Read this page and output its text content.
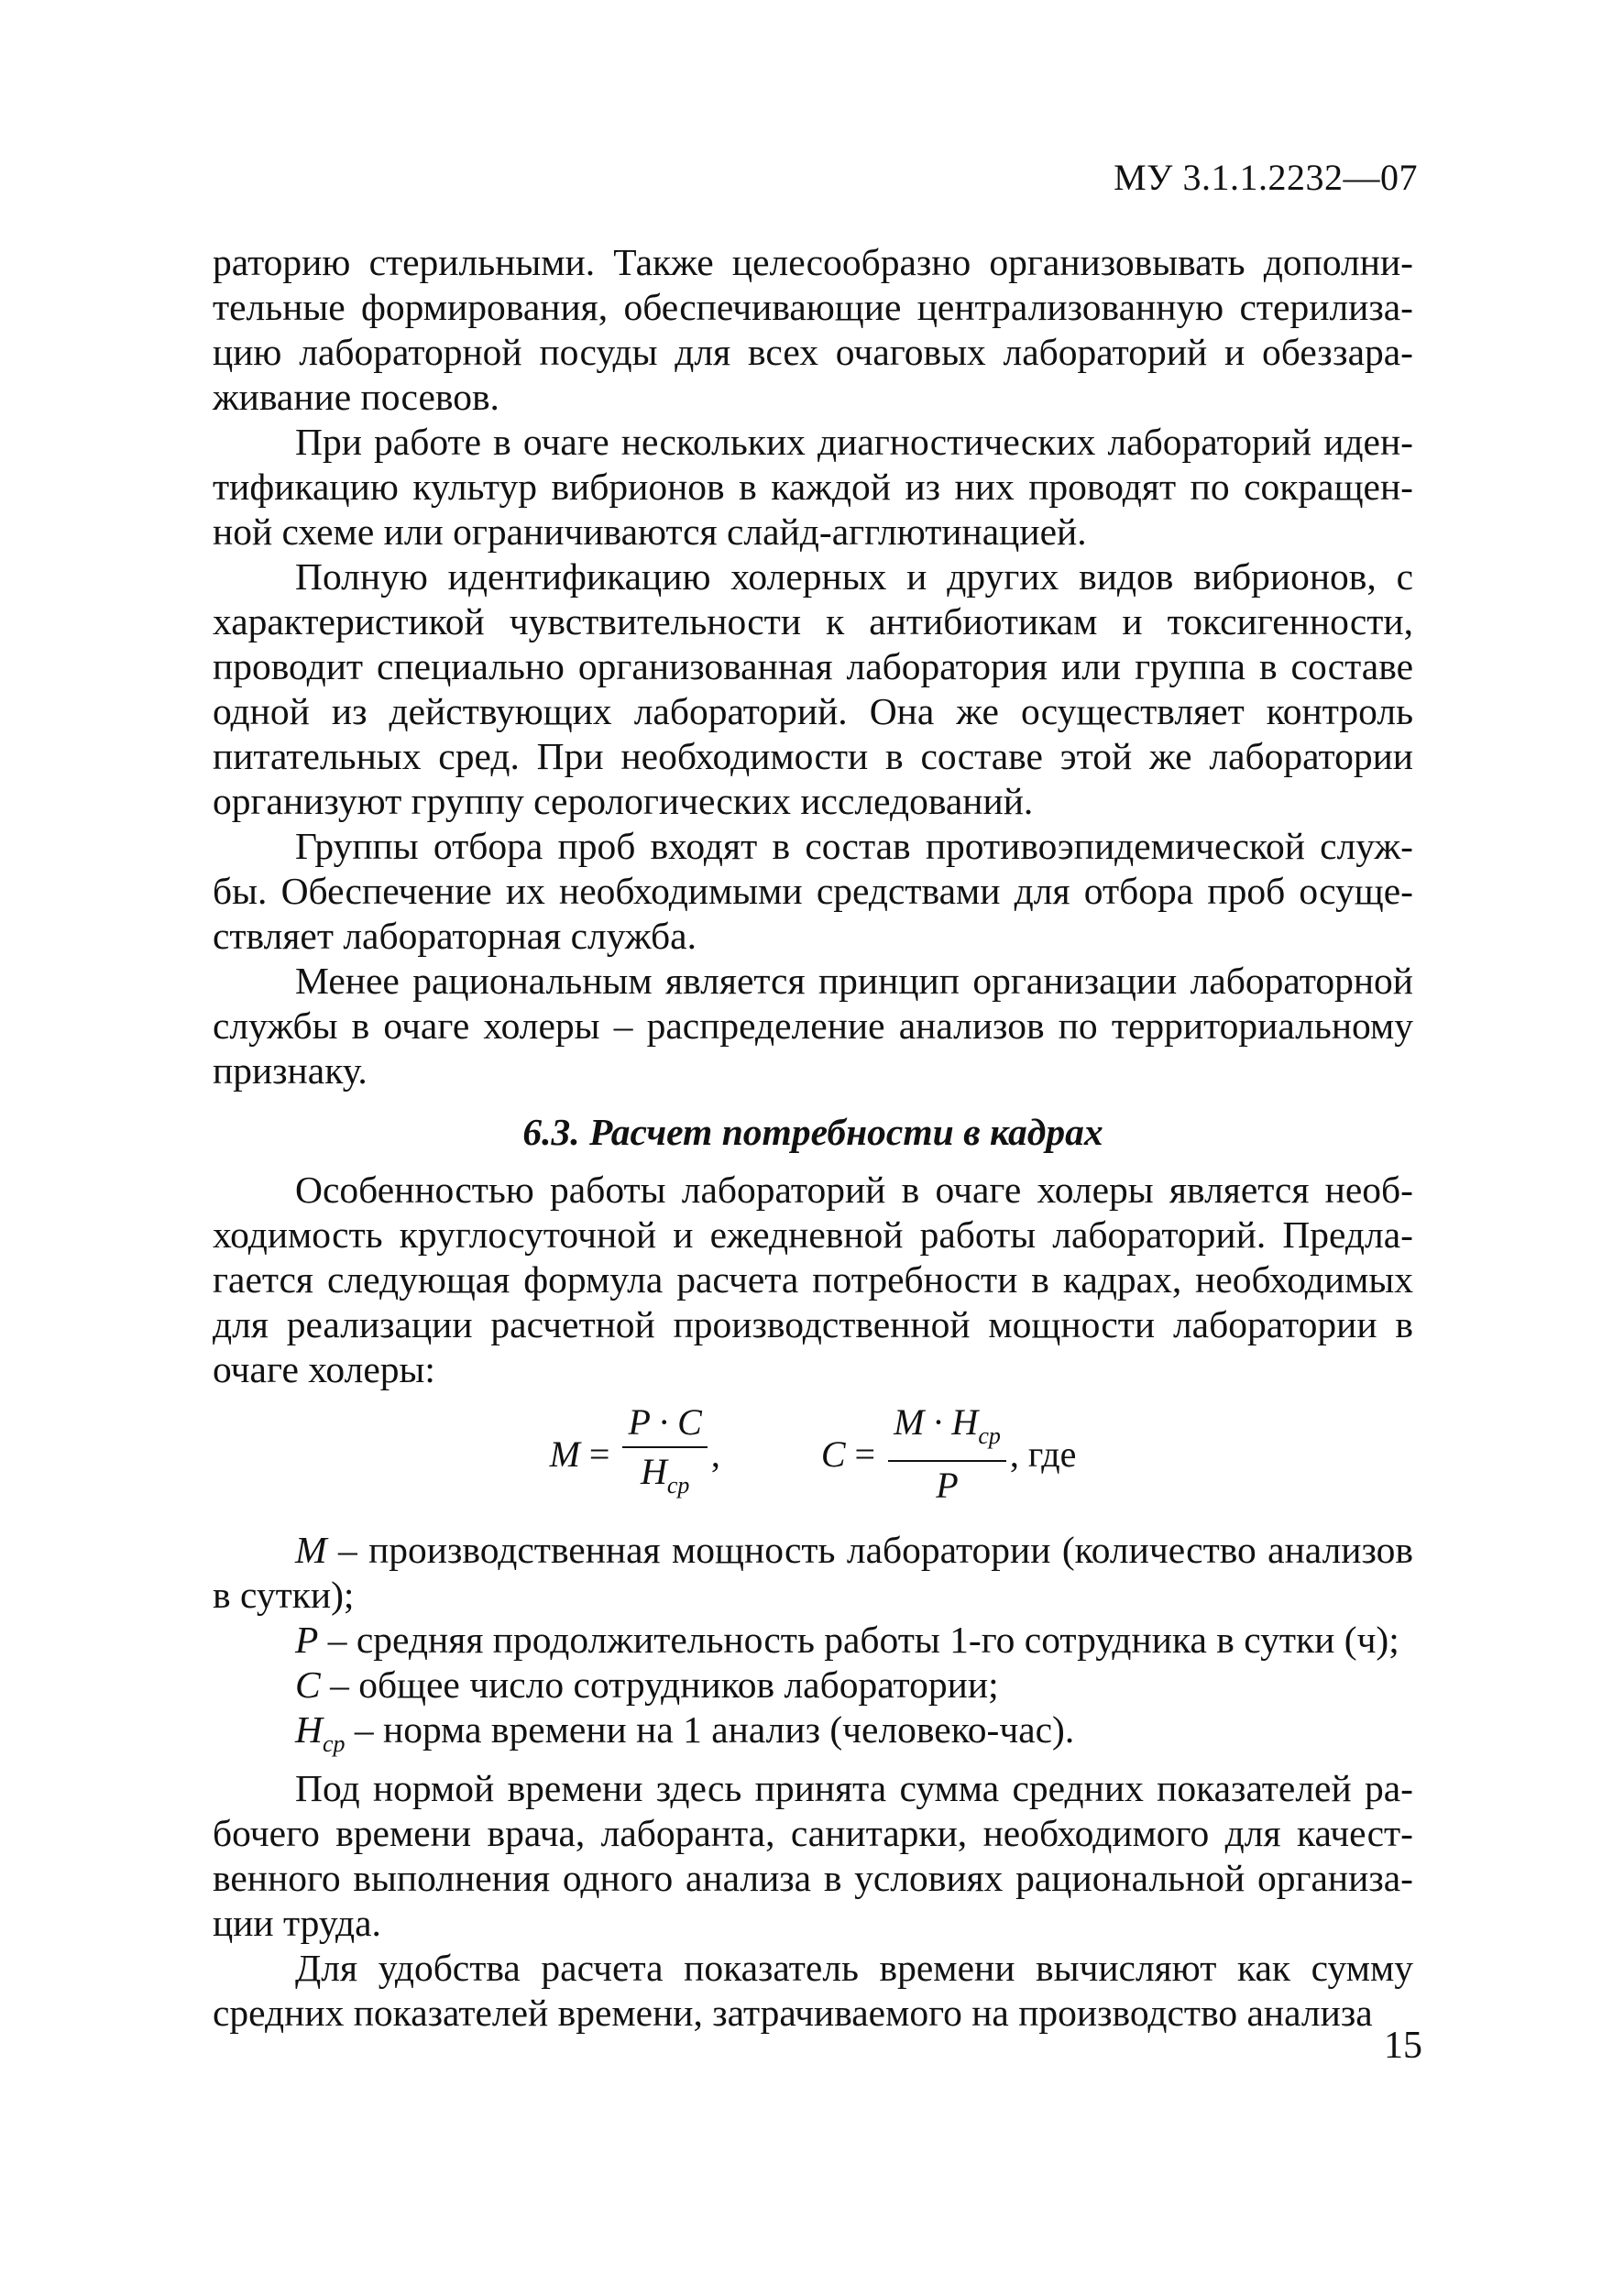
МУ 3.1.1.2232—07

раторию стерильными. Также целесообразно организовывать дополнительные формирования, обеспечивающие централизованную стерилизацию лабораторной посуды для всех очаговых лабораторий и обеззараживание посевов.

При работе в очаге нескольких диагностических лабораторий идентификацию культур вибрионов в каждой из них проводят по сокращенной схеме или ограничиваются слайд-агглютинацией.

Полную идентификацию холерных и других видов вибрионов, с характеристикой чувствительности к антибиотикам и токсигенности, проводит специально организованная лаборатория или группа в составе одной из действующих лабораторий. Она же осуществляет контроль питательных сред. При необходимости в составе этой же лаборатории организуют группу серологических исследований.

Группы отбора проб входят в состав противоэпидемической службы. Обеспечение их необходимыми средствами для отбора проб осуществляет лабораторная служба.

Менее рациональным является принцип организации лабораторной службы в очаге холеры – распределение анализов по территориальному признаку.

6.3. Расчет потребности в кадрах

Особенностью работы лабораторий в очаге холеры является необходимость круглосуточной и ежедневной работы лабораторий. Предлагается следующая формула расчета потребности в кадрах, необходимых для реализации расчетной производственной мощности лаборатории в очаге холеры:

$M = \frac{P \cdot C}{H_{ср}}$ ,	$C = \frac{M \cdot H_{ср}}{P}$ , где

M – производственная мощность лаборатории (количество анализов в сутки);

P – средняя продолжительность работы 1-го сотрудника в сутки (ч);

C – общее число сотрудников лаборатории;

$H_{ср}$ – норма времени на 1 анализ (человеко-час).

Под нормой времени здесь принята сумма средних показателей рабочего времени врача, лаборанта, санитарки, необходимого для качественного выполнения одного анализа в условиях рациональной организации труда.

Для удобства расчета показатель времени вычисляют как сумму средних показателей времени, затрачиваемого на производство анализа

15
